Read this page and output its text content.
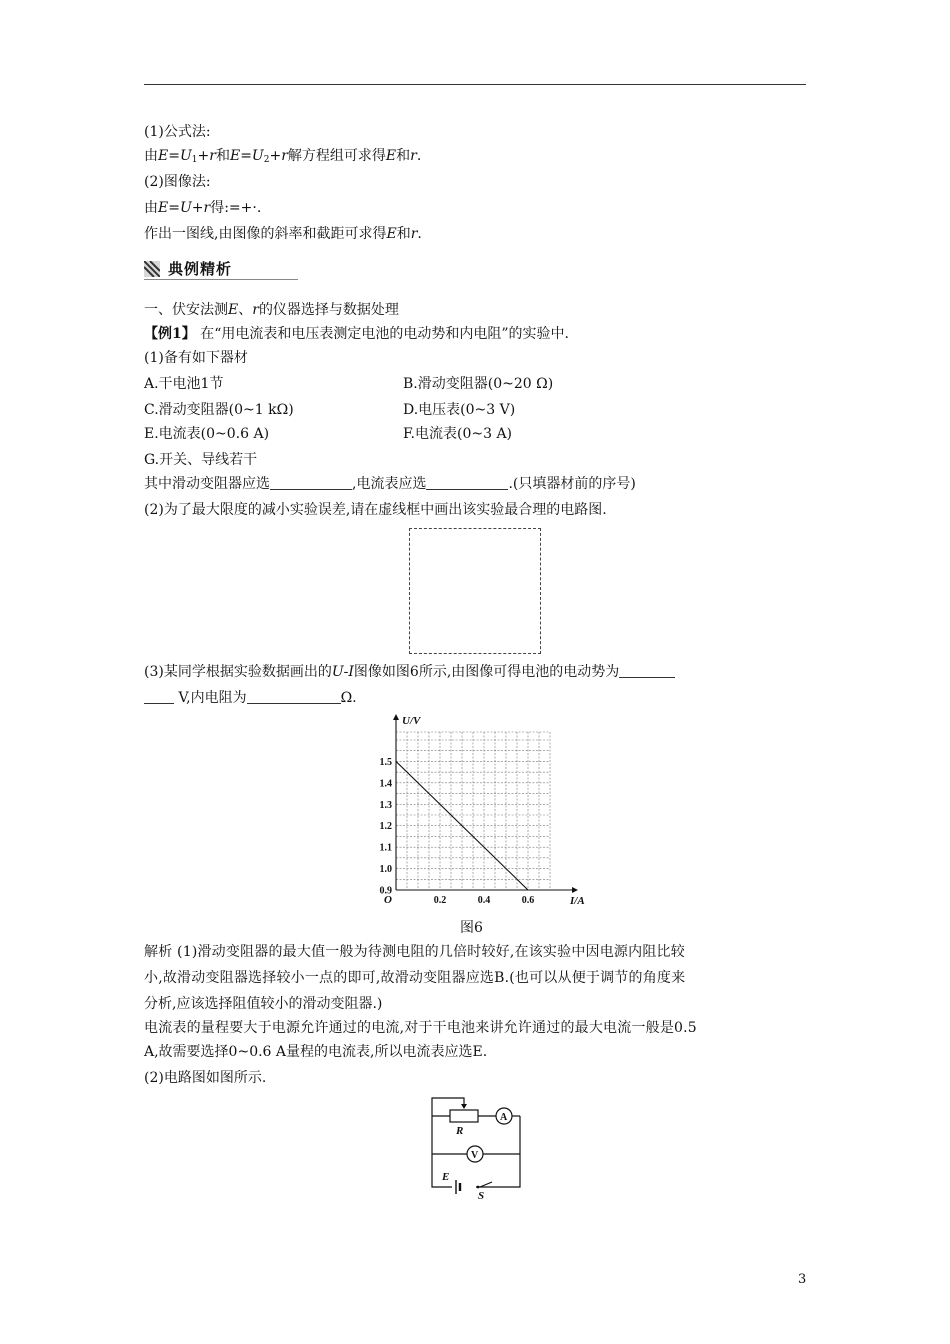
(1)公式法:
由$E=U_1+r$和$E=U_2+r$解方程组可求得E和r.
(2)图像法:
由E=U+r得:=+·.
作出一图线,由图像的斜率和截距可求得E和r.
典例精析
一、伏安法测E、r的仪器选择与数据处理
【例1】 在“用电流表和电压表测定电池的电动势和内电阻”的实验中.
(1)备有如下器材
A.干电池1节	B.滑动变阻器(0~20 Ω)
C.滑动变阻器(0~1 kΩ)	D.电压表(0~3 V)
E.电流表(0~0.6 A)	F.电流表(0~3 A)
G.开关、导线若干
其中滑动变阻器应选	,电流表应选	.(只填器材前的序号)
(2)为了最大限度的减小实验误差,请在虚线框中画出该实验最合理的电路图.
(3)某同学根据实验数据画出的U-I图像如图6所示,由图像可得电池的电动势为
V,内电阻为	Ω.
0.9
1.0
1.1
1.2
1.3
1.4
1.5
0.2	0.4	0.6
O	I/A
U/V
图6
解析 (1)滑动变阻器的最大值一般为待测电阻的几倍时较好,在该实验中因电源内阻比较
小,故滑动变阻器选择较小一点的即可,故滑动变阻器应选B.(也可以从便于调节的角度来
分析,应该选择阻值较小的滑动变阻器.)
电流表的量程要大于电源允许通过的电流,对于干电池来讲允许通过的最大电流一般是0.5
A,故需要选择0~0.6 A量程的电流表,所以电流表应选E.
(2)电路图如图所示.
R
A
V
E
S
3
